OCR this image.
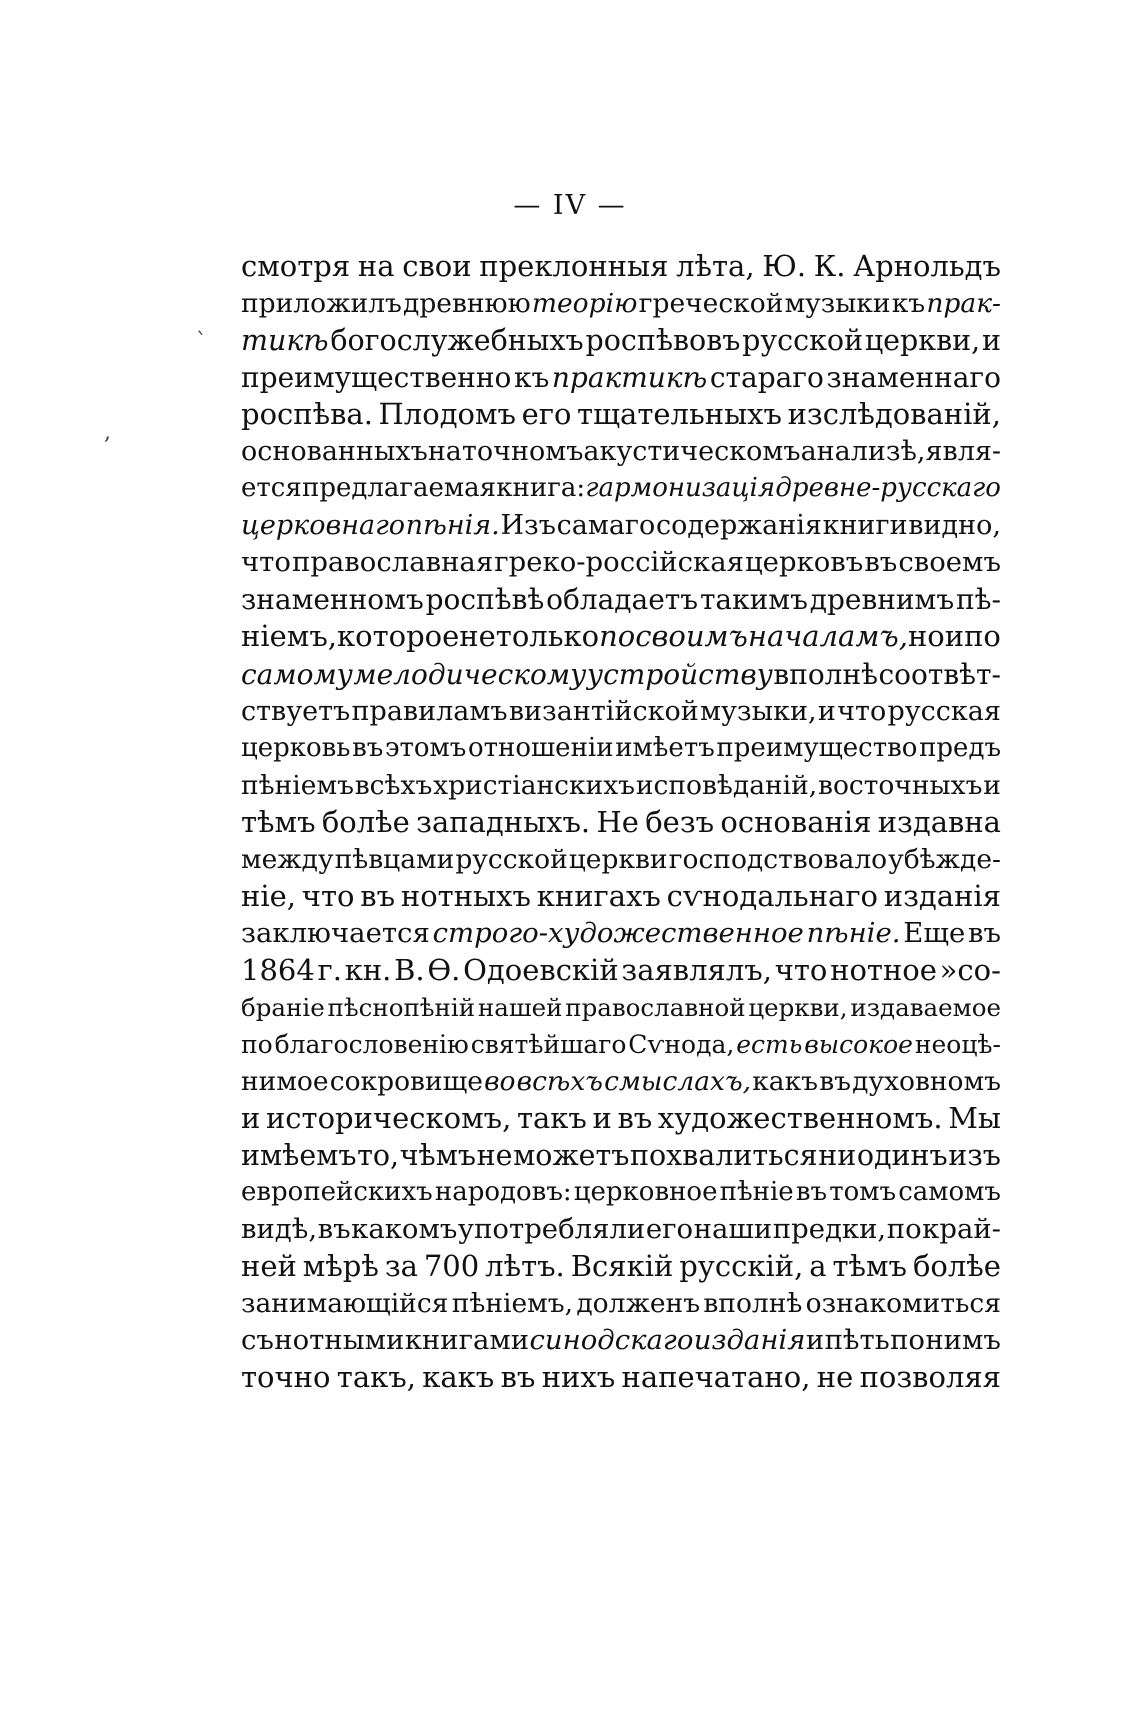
— IV —
смотря на свои преклонныя лѣта, Ю. К. Арнольдъ
приложилъ древнюю теорію греческой музыки къ прак-
тикѣ богослужебныхъ роспѣвовъ русской церкви, и
преимущественно къ практикѣ стараго знаменнаго
роспѣва. Плодомъ его тщательныхъ изслѣдованій,
основанныхъ на точномъ акустическомъ анализѣ, явля-
ется предлагаемая книга: гармонизація древне-русскаго
церковнаго пѣнія. Изъ самаго содержанія книги видно,
что православная греко-россійская церковъ въ своемъ
знаменномъ роспѣвѣ обладаетъ такимъ древнимъ пѣ-
ніемъ, которое не только по своимъ началамъ, но и по
самому мелодическому устройству вполнѣ соотвѣт-
ствуетъ правиламъ византійской музыки, и что русская
церковь въ этомъ отношеніи имѣетъ преимущество предъ
пѣніемъ всѣхъ христіанскихъ исповѣданій, восточныхъ и
тѣмъ болѣе западныхъ. Не безъ основанія издавна
между пѣвцами русской церкви господствовало убѣжде-
ніе, что въ нотныхъ книгахъ сѵнодальнаго изданія
заключается строго-художественное пѣніе. Еще въ
1864 г. кн. В. Ѳ. Одоевскій заявлялъ, что нотное »со-
браніе пѣснопѣній нашей православной церкви, издаваемое
по благословенію святѣйшаго Сѵнода, есть высокое неоцѣ-
нимое сокровище во всѣхъ смыслахъ, какъ въ духовномъ
и историческомъ, такъ и въ художественномъ. Мы
имѣемъ то, чѣмъ не можетъ похвалиться ни одинъ изъ
европейскихъ народовъ: церковное пѣніе въ томъ самомъ
видѣ, въ какомъ употребляли его наши предки, по край-
ней мѣрѣ за 700 лѣтъ. Всякій русскій, а тѣмъ болѣе
занимающійся пѣніемъ, долженъ вполнѣ ознакомиться
съ нотными книгами синодскаго изданія и пѣть по нимъ
точно такъ, какъ въ нихъ напечатано, не позволяя
ˋ
,
